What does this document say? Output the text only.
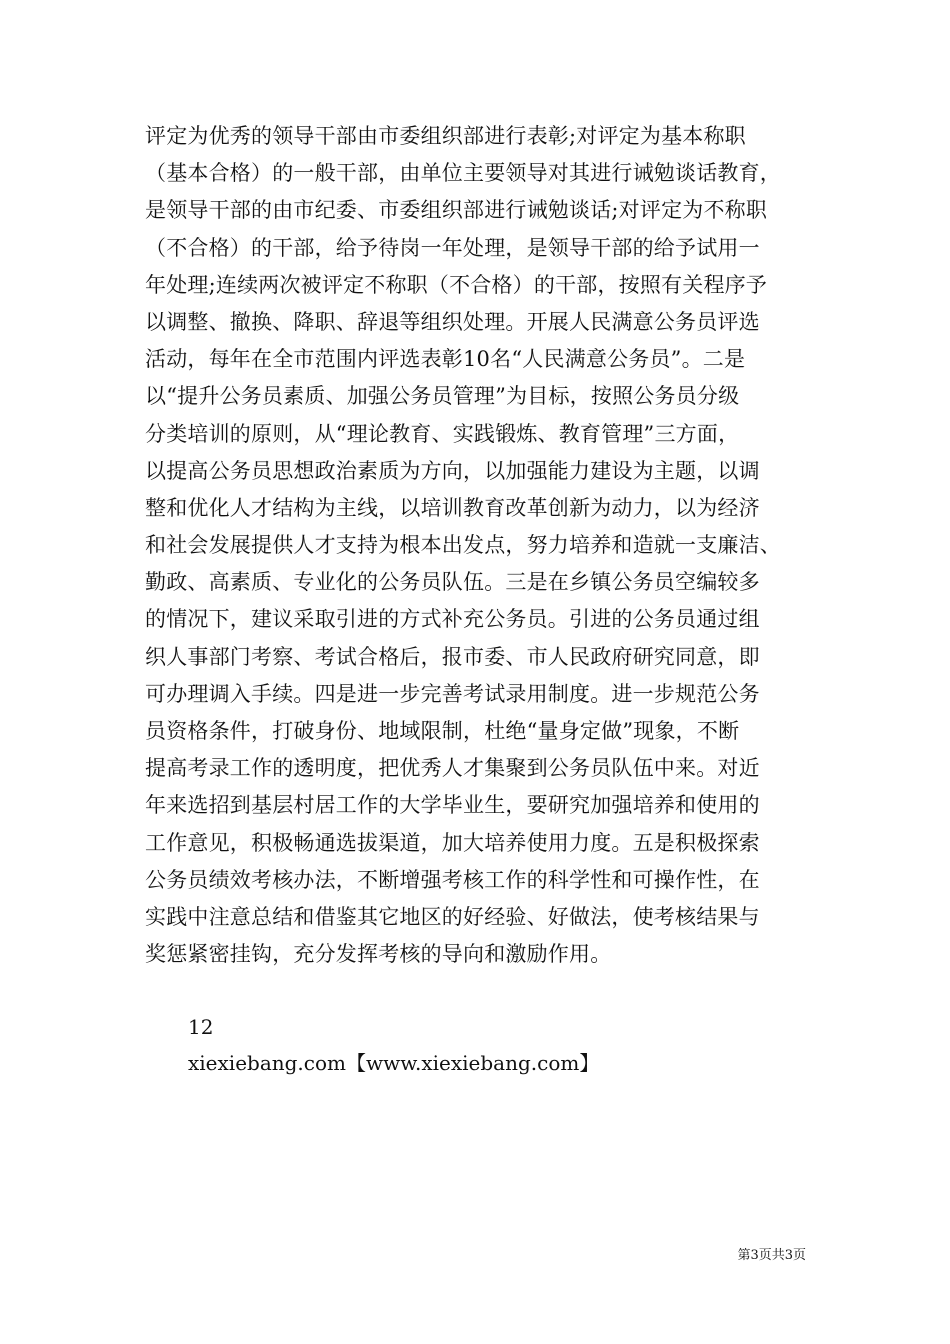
评定为优秀的领导干部由市委组织部进行表彰;对评定为基本称职
（基本合格）的一般干部，由单位主要领导对其进行诫勉谈话教育，
是领导干部的由市纪委、市委组织部进行诫勉谈话;对评定为不称职
（不合格）的干部，给予待岗一年处理，是领导干部的给予试用一
年处理;连续两次被评定不称职（不合格）的干部，按照有关程序予
以调整、撤换、降职、辞退等组织处理。开展人民满意公务员评选
活动，每年在全市范围内评选表彰10名“人民满意公务员”。二是
以“提升公务员素质、加强公务员管理”为目标，按照公务员分级
分类培训的原则，从“理论教育、实践锻炼、教育管理”三方面，
以提高公务员思想政治素质为方向，以加强能力建设为主题，以调
整和优化人才结构为主线，以培训教育改革创新为动力，以为经济
和社会发展提供人才支持为根本出发点，努力培养和造就一支廉洁、
勤政、高素质、专业化的公务员队伍。三是在乡镇公务员空编较多
的情况下，建议采取引进的方式补充公务员。引进的公务员通过组
织人事部门考察、考试合格后，报市委、市人民政府研究同意，即
可办理调入手续。四是进一步完善考试录用制度。进一步规范公务
员资格条件，打破身份、地域限制，杜绝“量身定做”现象，不断
提高考录工作的透明度，把优秀人才集聚到公务员队伍中来。对近
年来选招到基层村居工作的大学毕业生，要研究加强培养和使用的
工作意见，积极畅通选拔渠道，加大培养使用力度。五是积极探索
公务员绩效考核办法，不断增强考核工作的科学性和可操作性，在
实践中注意总结和借鉴其它地区的好经验、好做法，使考核结果与
奖惩紧密挂钩，充分发挥考核的导向和激励作用。
12
xiexiebang.com【www.xiexiebang.com】
第3页共3页
